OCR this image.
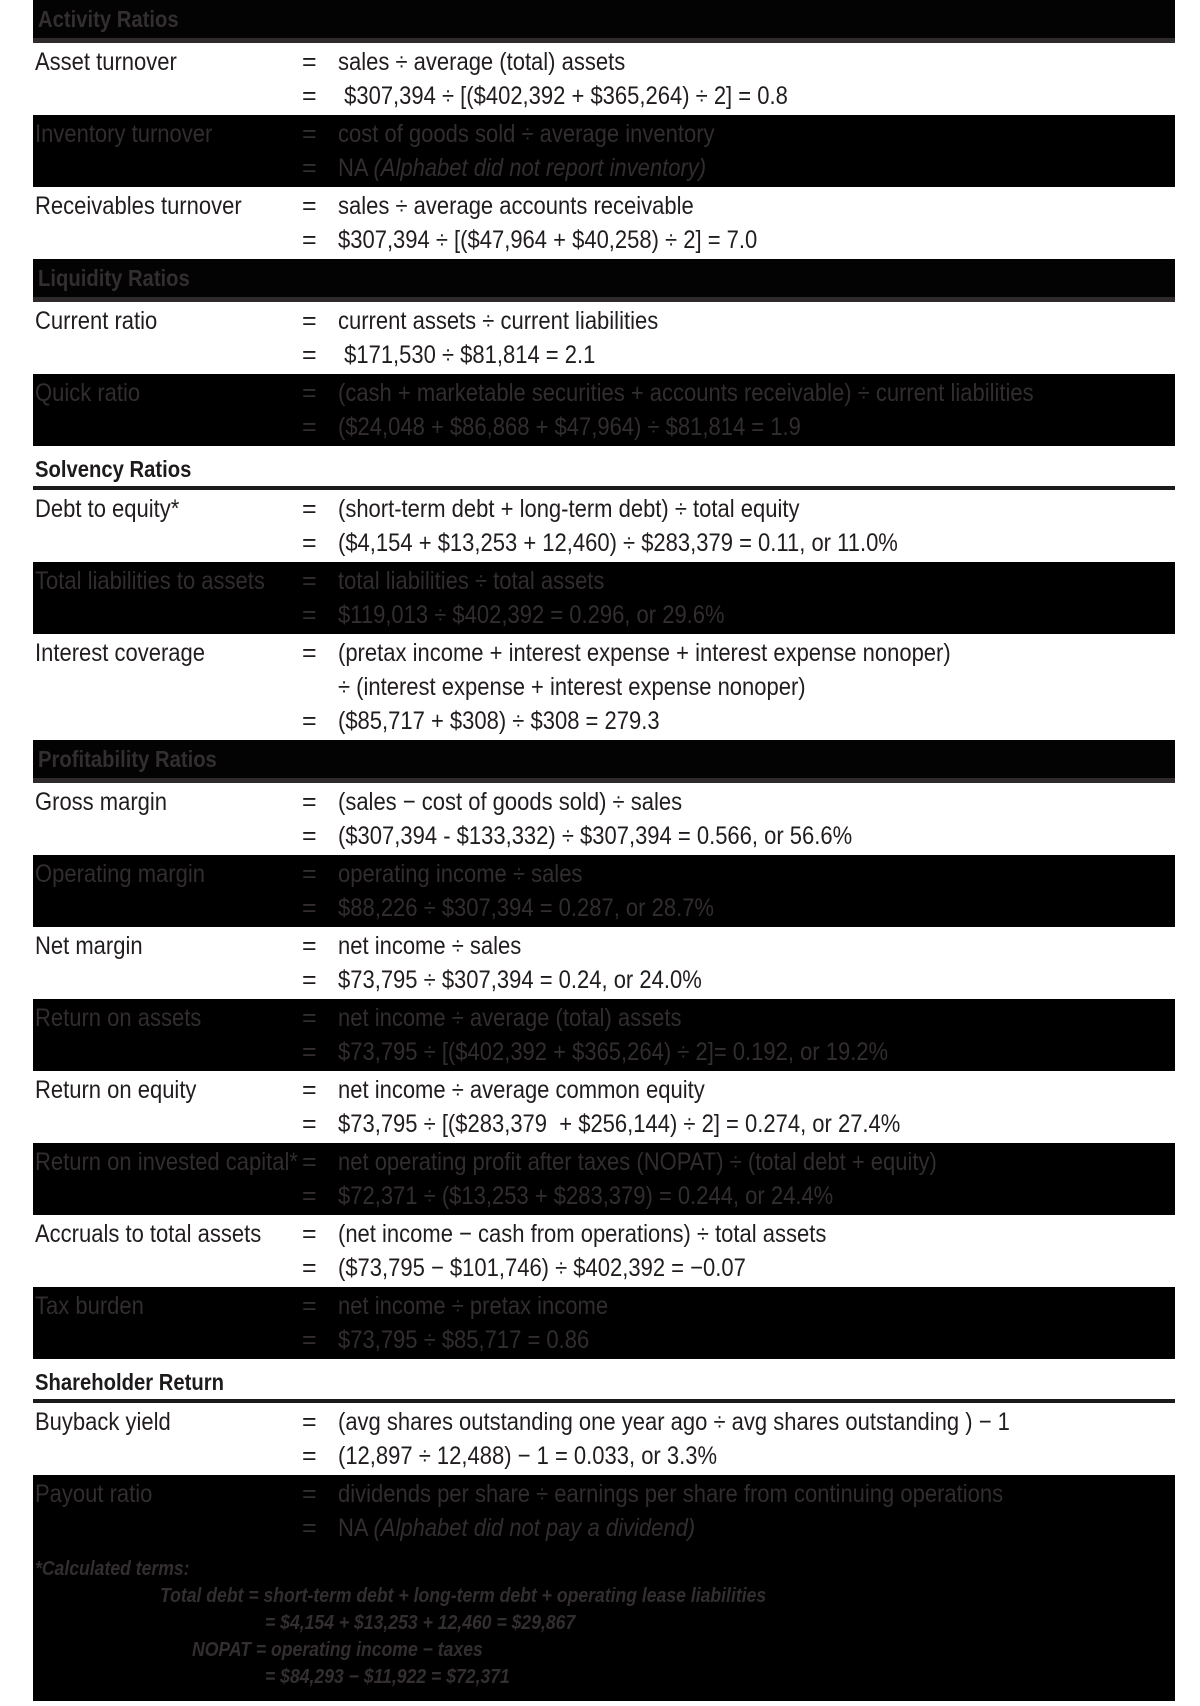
Activity Ratios
Asset turnover	= sales ÷ average (total) assets
= $307,394 ÷ [($402,392 + $365,264) ÷ 2] = 0.8
Inventory turnover	= cost of goods sold ÷ average inventory
= NA (Alphabet did not report inventory)
Receivables turnover	= sales ÷ average accounts receivable
= $307,394 ÷ [($47,964 + $40,258) ÷ 2] = 7.0
Liquidity Ratios
Current ratio	= current assets ÷ current liabilities
= $171,530 ÷ $81,814 = 2.1
Quick ratio	= (cash + marketable securities + accounts receivable) ÷ current liabilities
= ($24,048 + $86,868 + $47,964) ÷ $81,814 = 1.9
Solvency Ratios
Debt to equity*	= (short-term debt + long-term debt) ÷ total equity
= ($4,154 + $13,253 + 12,460) ÷ $283,379 = 0.11, or 11.0%
Total liabilities to assets	= total liabilities ÷ total assets
= $119,013 ÷ $402,392 = 0.296, or 29.6%
Interest coverage	= (pretax income + interest expense + interest expense nonoper)
÷ (interest expense + interest expense nonoper)
= ($85,717 + $308) ÷ $308 = 279.3
Profitability Ratios
Gross margin	= (sales − cost of goods sold) ÷ sales
= ($307,394 - $133,332) ÷ $307,394 = 0.566, or 56.6%
Operating margin	= operating income ÷ sales
= $88,226 ÷ $307,394 = 0.287, or 28.7%
Net margin	= net income ÷ sales
= $73,795 ÷ $307,394 = 0.24, or 24.0%
Return on assets	= net income ÷ average (total) assets
= $73,795 ÷ [($402,392 + $365,264) ÷ 2]= 0.192, or 19.2%
Return on equity	= net income ÷ average common equity
= $73,795 ÷ [($283,379  + $256,144) ÷ 2] = 0.274, or 27.4%
Return on invested capital* = net operating profit after taxes (NOPAT) ÷ (total debt + equity)
= $72,371 ÷ ($13,253 + $283,379) = 0.244, or 24.4%
Accruals to total assets	= (net income − cash from operations) ÷ total assets
= ($73,795 − $101,746) ÷ $402,392 = −0.07
Tax burden	= net income ÷ pretax income
= $73,795 ÷ $85,717 = 0.86
Shareholder Return
Buyback yield	= (avg shares outstanding one year ago ÷ avg shares outstanding ) − 1
= (12,897 ÷ 12,488) − 1 = 0.033, or 3.3%
Payout ratio	= dividends per share ÷ earnings per share from continuing operations
= NA (Alphabet did not pay a dividend)
*Calculated terms:
Total debt = short-term debt + long-term debt + operating lease liabilities
= $4,154 + $13,253 + 12,460 = $29,867
NOPAT = operating income − taxes
= $84,293 − $11,922 = $72,371
